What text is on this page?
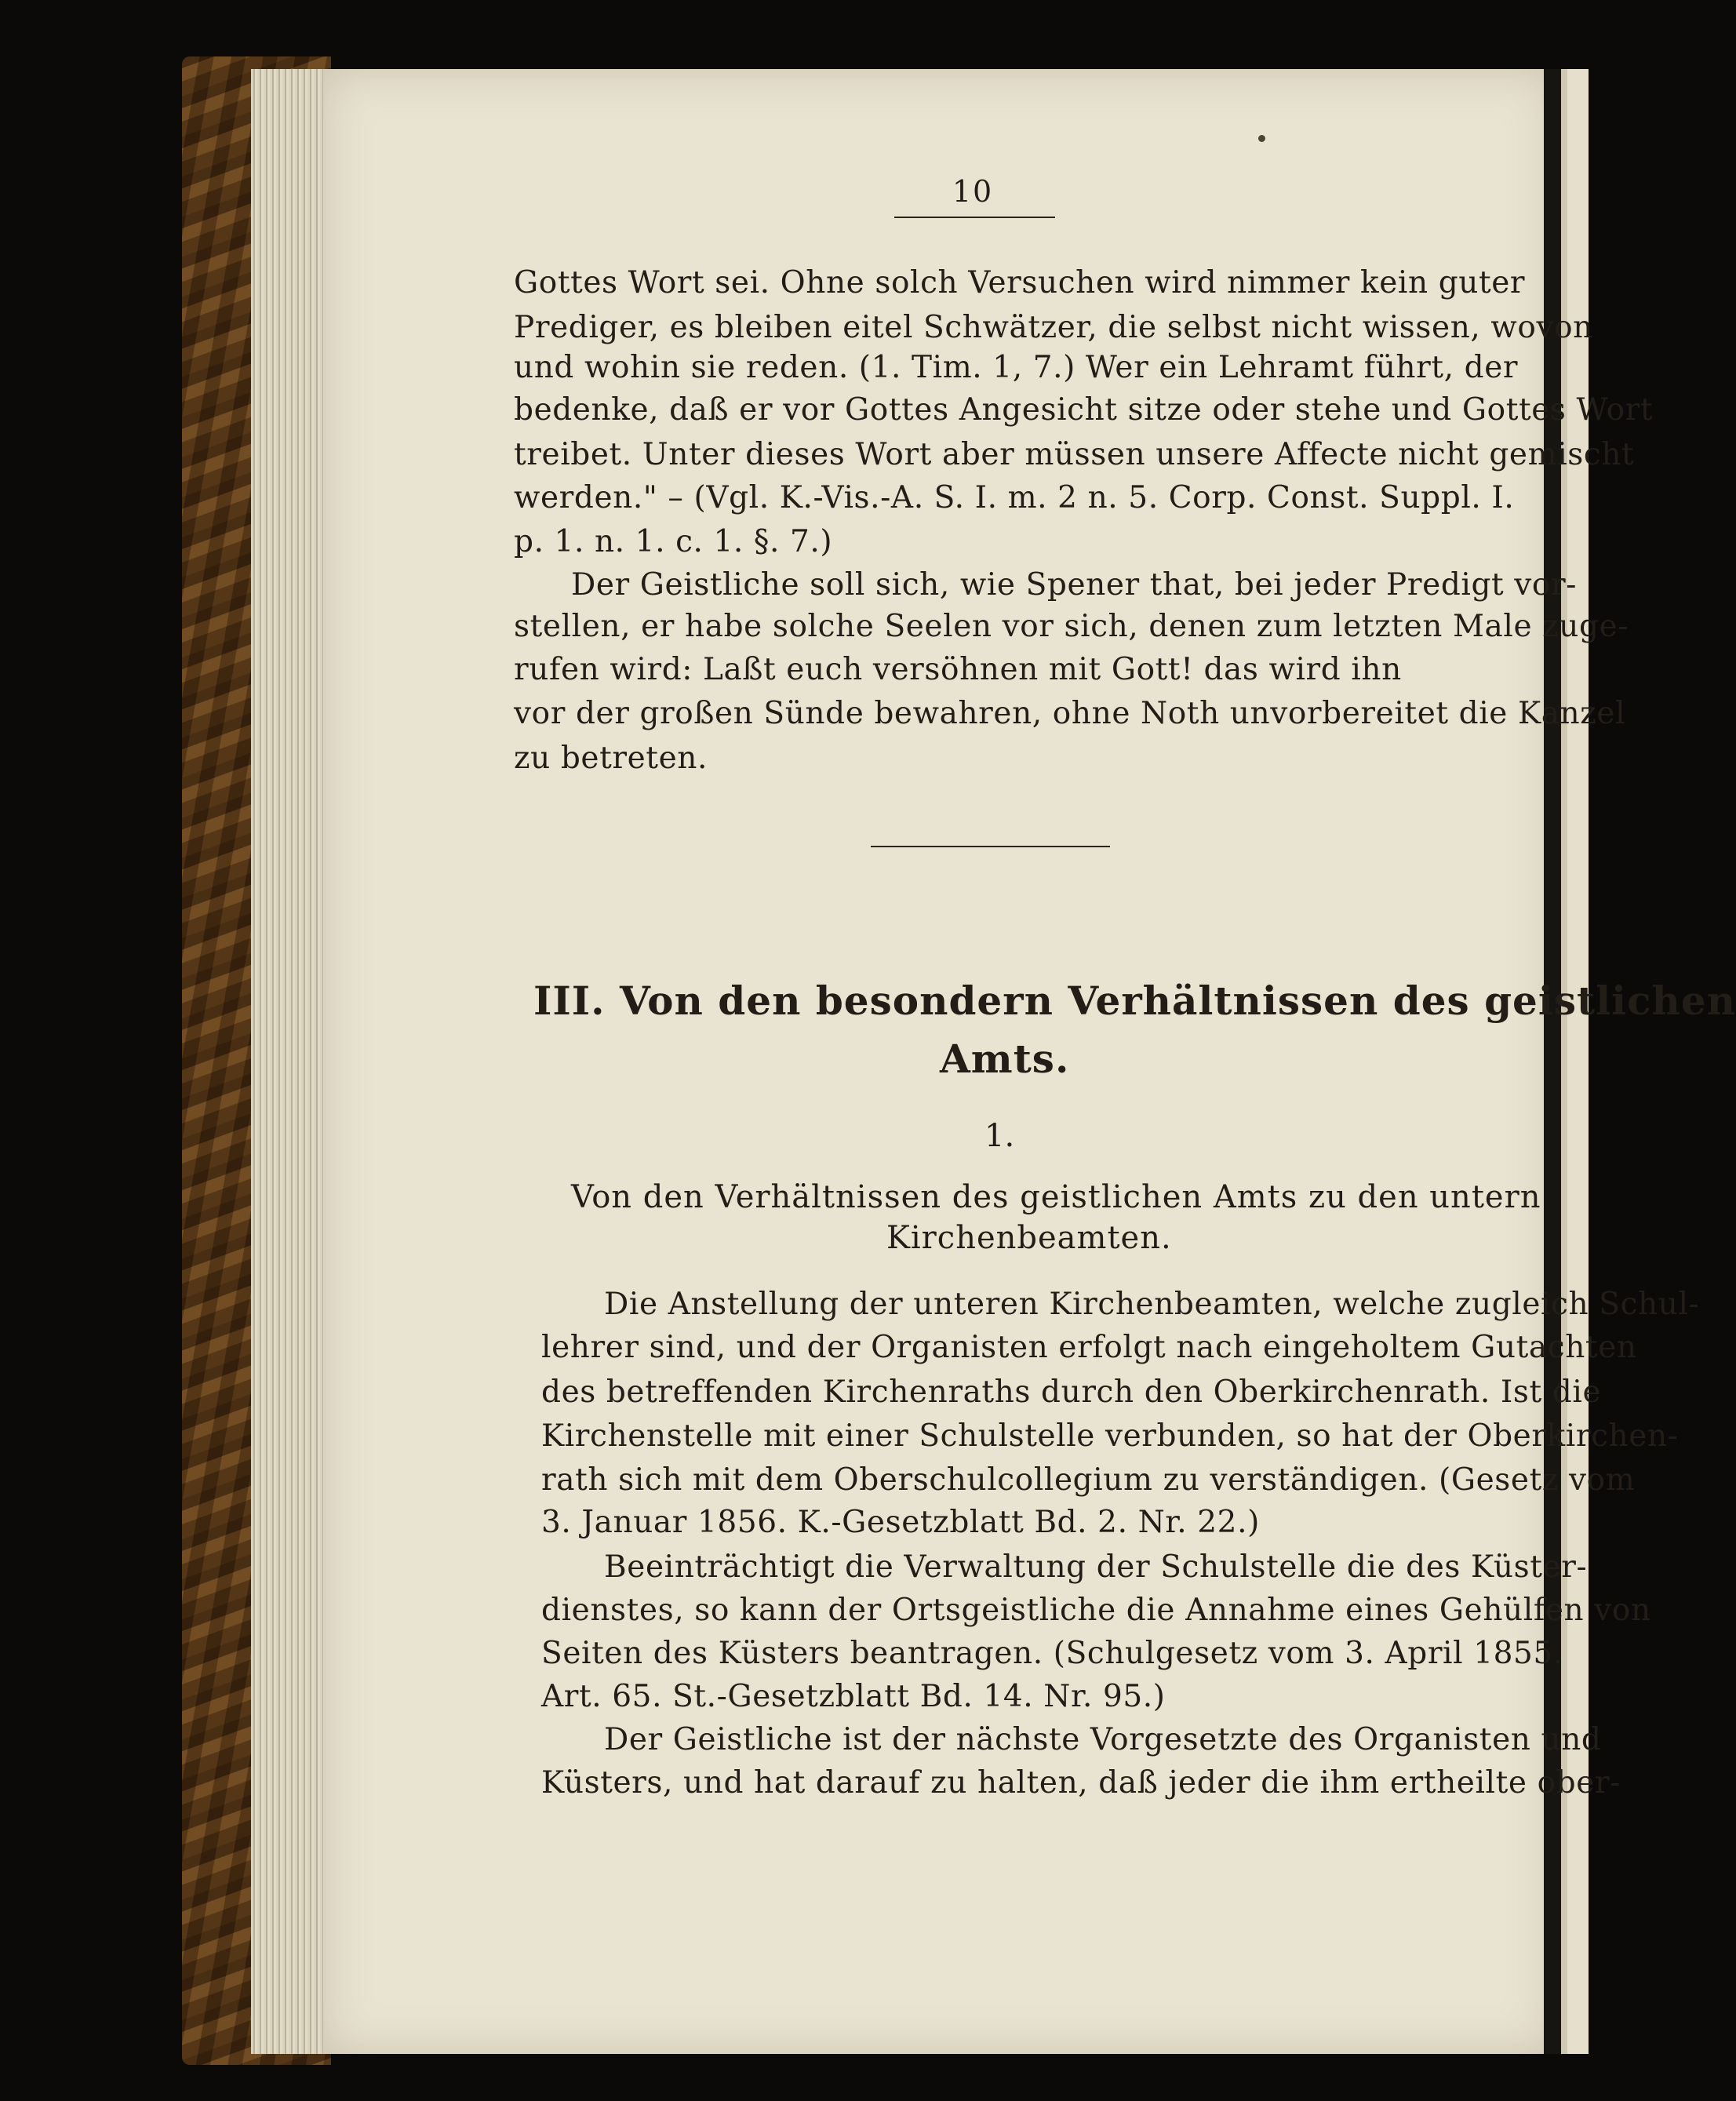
10
Gottes Wort sei. Ohne solch Versuchen wird nimmer kein guter
Prediger, es bleiben eitel Schwätzer, die selbst nicht wissen, wovon
und wohin sie reden. (1. Tim. 1, 7.) Wer ein Lehramt führt, der
bedenke, daß er vor Gottes Angesicht sitze oder stehe und Gottes Wort
treibet. Unter dieses Wort aber müssen unsere Affecte nicht gemischt
werden." – (Vgl. K.-Vis.-A. S. I. m. 2 n. 5. Corp. Const. Suppl. I.
p. 1. n. 1. c. 1. §. 7.)
Der Geistliche soll sich, wie Spener that, bei jeder Predigt vor-
stellen, er habe solche Seelen vor sich, denen zum letzten Male zuge-
rufen wird: Laßt euch versöhnen mit Gott! das wird ihn
vor der großen Sünde bewahren, ohne Noth unvorbereitet die Kanzel
zu betreten.
III. Von den besondern Verhältnissen des geistlichen
Amts.
1.
Von den Verhältnissen des geistlichen Amts zu den untern
Kirchenbeamten.
Die Anstellung der unteren Kirchenbeamten, welche zugleich Schul-
lehrer sind, und der Organisten erfolgt nach eingeholtem Gutachten
des betreffenden Kirchenraths durch den Oberkirchenrath. Ist die
Kirchenstelle mit einer Schulstelle verbunden, so hat der Oberkirchen-
rath sich mit dem Oberschulcollegium zu verständigen. (Gesetz vom
3. Januar 1856. K.-Gesetzblatt Bd. 2. Nr. 22.)
Beeinträchtigt die Verwaltung der Schulstelle die des Küster-
dienstes, so kann der Ortsgeistliche die Annahme eines Gehülfen von
Seiten des Küsters beantragen. (Schulgesetz vom 3. April 1855.
Art. 65. St.-Gesetzblatt Bd. 14. Nr. 95.)
Der Geistliche ist der nächste Vorgesetzte des Organisten und
Küsters, und hat darauf zu halten, daß jeder die ihm ertheilte ober-
